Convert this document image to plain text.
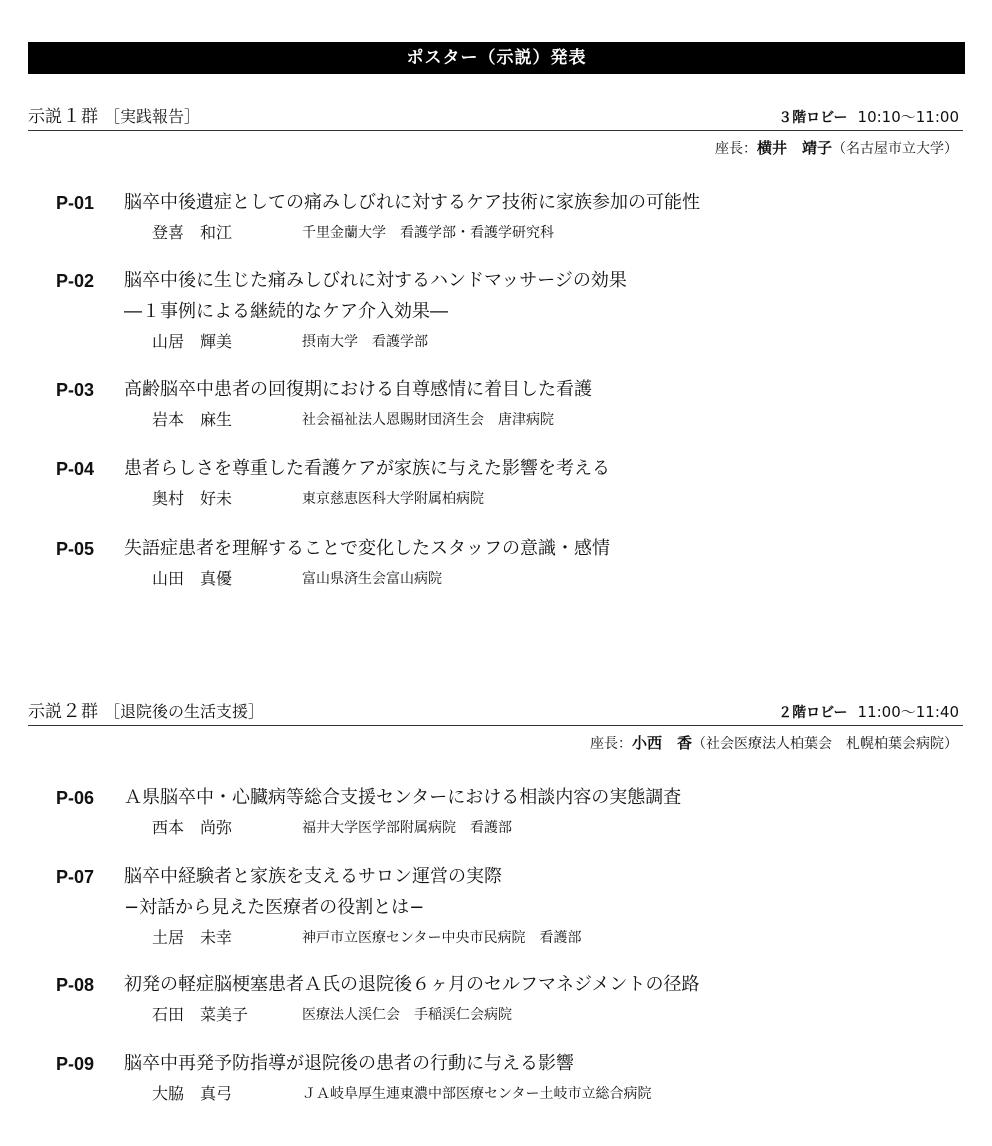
ポスター（示説）発表
示説１群 ［実践報告］	３階ロビー 10:10〜11:00
座長：横井　靖子（名古屋市立大学）
P-01 脳卒中後遺症としての痛みしびれに対するケア技術に家族参加の可能性
登喜　和江	千里金蘭大学　看護学部・看護学研究科
P-02 脳卒中後に生じた痛みしびれに対するハンドマッサージの効果
―１事例による継続的なケア介入効果―
山居　輝美	摂南大学　看護学部
P-03 高齢脳卒中患者の回復期における自尊感情に着目した看護
岩本　麻生	社会福祉法人恩賜財団済生会　唐津病院
P-04 患者らしさを尊重した看護ケアが家族に与えた影響を考える
奥村　好未	東京慈恵医科大学附属柏病院
P-05 失語症患者を理解することで変化したスタッフの意識・感情
山田　真優	富山県済生会富山病院
示説２群 ［退院後の生活支援］	２階ロビー 11:00〜11:40
座長：小西　香（社会医療法人柏葉会　札幌柏葉会病院）
P-06 Ａ県脳卒中・心臓病等総合支援センターにおける相談内容の実態調査
西本　尚弥	福井大学医学部附属病院　看護部
P-07 脳卒中経験者と家族を支えるサロン運営の実際
−対話から見えた医療者の役割とは−
土居　未幸	神戸市立医療センター中央市民病院　看護部
P-08 初発の軽症脳梗塞患者Ａ氏の退院後６ヶ月のセルフマネジメントの径路
石田　菜美子	医療法人渓仁会　手稲渓仁会病院
P-09 脳卒中再発予防指導が退院後の患者の行動に与える影響
大脇　真弓	ＪＡ岐阜厚生連東濃中部医療センター土岐市立総合病院
